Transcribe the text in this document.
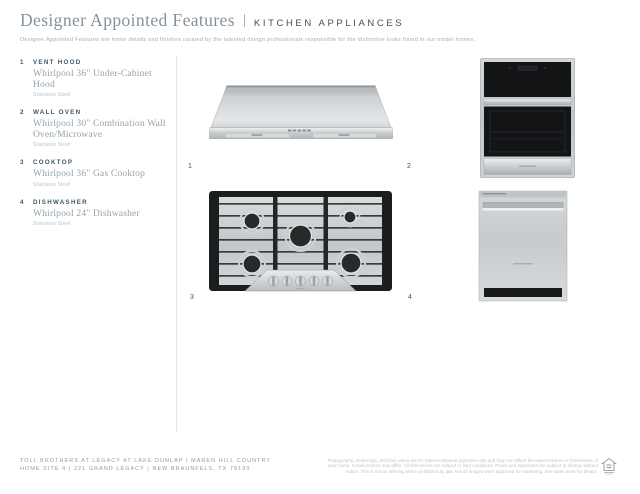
Designer Appointed Features KITCHEN APPLIANCES
Designer Appointed Features are home details and finishes curated by the talented design professionals responsible for the distinctive looks found in our model homes.
1	VENT HOOD
Whirlpool 36" Under-Cabinet Hood
Stainless Steel
2	WALL OVEN
Whirlpool 30" Combination Wall Oven/Microwave
Stainless Steel
3	COOKTOP
Whirlpool 36" Gas Cooktop
Stainless Steel
4	DISHWASHER
Whirlpool 24" Dishwasher
Stainless Steel
1	2
3	4
TOLL BROTHERS AT LEGACY AT LAKE DUNLAP | MAREN HILL COUNTRY
HOME SITE 4 | 221 GRAND LEGACY | NEW BRAUNFELS, TX 78130
Photographs, renderings, and floor plans are for representational purposes only and may not reflect the exact features or dimensions of your home. Actual product may differ. All dimensions are subject to field conditions. Prices and selections are subject to change without notice. This is not an offering where prohibited by law. Not all images were approved for marketing. See sales team for details.
